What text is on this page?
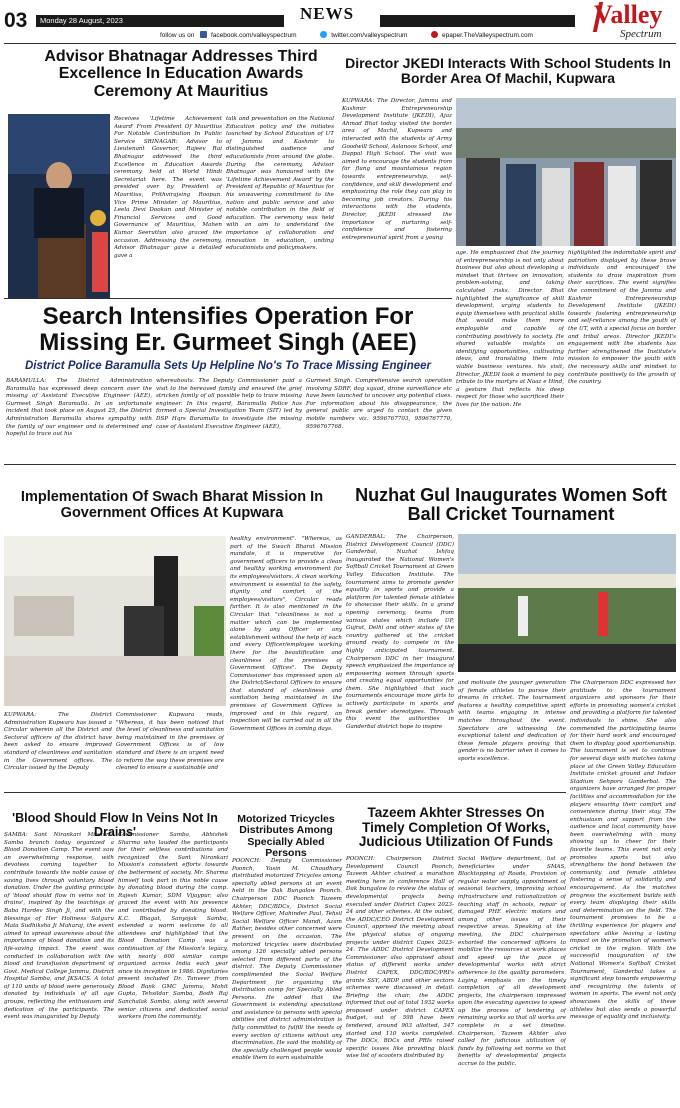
03 Monday 28 August, 2023	NEWS	Valley
Spectrum
follow us on	facebook.com/valleyspectrum	twitter.com/valleyspectrum	epaper.TheValleyspectrum.com
Advisor Bhatnagar Addresses Third Excellence In Education Awards Ceremony At Mauritius
Receives 'Lifetime Achievement Award' From President Of Mauritius For Notable Contribution In Public Service SRINAGAR: Advisor to Lieutenant Governor, Rajeev Rai Bhatnagar addressed the third Excellence in Education Awards ceremony held at World Hindi Secretariat here. The event was presided over by President of Mauritius, Prithvirajsing Roopun. Vice Prime Minister of Mauritius, Leela Devi Dookun and Minister of Financial Services and Good Governance of Mauritius, Mahen Kumar Seeruttun also graced the occasion. Addressing the ceremony, Advisor Bhatnagar gave a detailed gave a
talk and presentation on the National Education policy and the initiates launched by School Education of UT of Jammu and Kashmir to distinguished audience and educationists from around the globe. During the ceremony, Advisor Bhatnagar was honoured with the 'Lifetime Achievement Award' by the President of Republic of Mauritius for his unwavering commitment to the nation and public service and also notable contribution in the field of education. The ceremony was held with an aim to understand the importance of collaboration and innovation in education, uniting educationists and policymakers.
Director JKEDI Interacts With School Students In Border Area Of Machil, Kupwara
KUPWARA: The Director, Jammu and Kashmir Entrepreneurship Development Institute (JKEDI), Ajaz Ahmad Bhat today visited the border area of Machil, Kupwara and interacted with the students of Army Goodwill School, Aslanoos School, and Dappal High School. The visit was aimed to encourage the students from far flung and mountainous region towards entrepreneurship, self-confidence, and skill development and emphasizing the role they can play in becoming job creators. During his interactions with the students, Director, JKEDI stressed the importance of nurturing self-confidence and fostering entrepreneurial spirit from a young
age. He emphasized that the journey of entrepreneurship is not only about business but also about developing a mindset that thrives on innovation, problem-solving, and taking calculated risks. Director Bhat highlighted the significance of skill development, urging students to equip themselves with practical skills that would make them more employable and capable of contributing positively to society. He shared valuable insights on identifying opportunities, cultivating ideas, and translating them into viable business ventures. his visit, Director, JKEDI took a moment to pay tribute to the martyrs at Naaz e Hind, a gesture that reflects his deep respect for those who sacrificed their lives for the nation. He
highlighted the indomitable spirit and patriotism displayed by these brave individuals and encouraged the students to draw inspiration from their sacrifices. The event signifies the commitment of the Jammu and Kashmir Entrepreneurship Development Institute (JKEDI) towards fostering entrepreneurship and self-reliance among the youth of the UT, with a special focus on border and tribal areas. Director JKEDI's engagement with the students has further strengthened the Institute's mission to empower the youth with the necessary skills and mindset to contribute positively to the growth of the country.
Search Intensifies Operation For Missing Er. Gurmeet Singh (AEE)
District Police Baramulla Sets Up Helpline No's To Trace Missing Engineer
BARAMULLA: The District Administration Baramulla has expressed deep concern over the missing of Assistant Executive Engineer (AEE), Gurmeet Singh Baramulla. In an unfortunate incident that took place on August 25, the District Administration Baramulla shares sympathy with the family of our engineer and is determined and hopeful to trace out his
whereabouts. The Deputy Commissioner paid a visit to the bereaved family and ensured the grief stricken family of all possible help to trace missing engineer. In this regard, Baramulla Police has formed a Special Investigation Team (SIT) led by DSP Hqrs Baramulla to investigate the missing case of Assistant Executive Engineer (AEE),
Gurmeet Singh. Comprehensive search operation involving SDRF, dog squad, drone surveillance etc have been launched to uncover any potential clues. For information about his disappearance, the general public are urged to contact the given mobile numbers viz. 9596767703, 9596767770, 9596767768.
Implementation Of Swach Bharat Mission In Government Offices At Kupwara
KUPWARA: The District Administration Kupwara has issued a Circular wherein all the District and Sectoral officers of the district have been asked to ensure improved standard of cleanliness and sanitation in the Government offices. The Circular issued by the Deputy
Commissioner Kupwara reads, "Whereas, it has been noticed that the level of cleanliness and sanitation being maintained in the premises of Government Offices is of low standard and there is an urgent need to reform the way these premises are cleaned to ensure a sustainable and
healthy environment". "Whereas, as part of the Swach Bharat Mission mandate, it is imperative for government officers to provide a clean and healthy working environment for its employees/visitors. A clean working environment is essential to the safety, dignity and comfort of the employees/visitors", Circular reads further. It is also mentioned in the Circular that "cleanliness is not a matter which can be implemented alone by any Officer or any establishment without the help of each and every Officer/employee working there for the beautification and cleanliness of the premises of Government Offices". The Deputy Commissioner has impressed upon all the District/Sectoral Officers to ensure that standard of cleanliness and sanitation being maintained in the premises of Government Offices is improved and in this regard, an inspection will be carried out in all the Government Offices in coming days.
Nuzhat Gul Inaugurates Women Soft Ball Cricket Tournament
GANDERBAL: The Chairperson, District Development Council (DDC) Ganderbal, Nuzhat Ishfaq inaugurated the National Women's Softball Cricket Tournament at Green Valley Education Institute. The tournament aims to promote gender equality in sports and provide a platform for talented female athletes to showcase their skills. In a grand opening ceremony, teams from various states which include UP, Gujrat, Delhi and other states of the country gathered at the cricket ground ready to compete in the highly anticipated tournament. Chairperson DDC in her inaugural speech emphasized the importance of empowering women through sports and creating equal opportunities for them. She highlighted that such tournaments encourage more girls to actively participate in sports and break gender stereotypes. Through this event the authorities in Ganderbal district hope to inspire
and motivate the younger generation of female athletes to pursue their dreams in cricket. The tournament features a healthy competitive spirit with teams engaging in intense matches throughout the event. Spectators are witnessing the exceptional talent and dedication of these female players proving that gender is no barrier when it comes to sports excellence.
The Chairperson DDC expressed her gratitude to the tournament organizers and sponsors for their efforts in promoting women's cricket and providing a platform for talented individuals to shine. She also commended the participating teams for their hard work and encouraged them to display good sportsmanship. The tournament is set to continue for several days with matches taking place at the Green Valley Education Institute cricket ground and Indoor Stadium Sehpora Ganderbal. The organizers have arranged for proper facilities and accommodation for the players ensuring their comfort and convenience during their stay. The enthusiasm and support from the audience and local community have been overwhelming with many showing up to cheer for their favorite teams. This event not only promotes sports but also strengthens the bond between the community and female athletes fostering a sense of solidarity and encouragement. As the matches progress the excitement builds with every team displaying their skills and determination on the field. The tournament promises to be a thrilling experience for players and spectators alike leaving a lasting impact on the promotion of women's cricket in the region. With the successful inauguration of the National Women's Softball Cricket Tournament, Ganderbal takes a significant step towards empowering and recognizing the talents of women in sports. The event not only showcases the skills of these athletes but also sends a powerful message of equality and inclusivity.
'Blood Should Flow In Veins Not In Drains'
SAMBA: Sant Nirankari Mission's Samba branch today organized a Blood Donation Camp. The event saw an overwhelming response, with devotees coming together to contribute towards the noble cause of saving lives through voluntary blood donation. Under the guiding principle of 'blood should flow in veins not in drains', inspired by the teachings of Baba Hardev Singh Ji, and with the blessings of Her Holiness Satguru Mata Sudhiksha Ji Maharaj, the event aimed to spread awareness about the importance of blood donation and its life-saving impact. The event was conducted in collaboration with the blood and transfusion department of Govt. Medical College Jammu, District Hospital Samba, and JKSACS. A total of 110 units of blood were generously donated by individuals of all age groups, reflecting the enthusiasm and dedication of the participants. The event was inaugurated by Deputy
Commissioner Samba, Abhishek Sharma who lauded the participants for their selfless contributions and recognized the Sant Nirankari Mission's consistent efforts towards the betterment of society. Mr. Sharma himself took part in this noble cause by donating blood during the camp. Rajesh Kumar, SDM Vijaypur, also graced the event with his presence and contributed by donating blood. K.C. Bhagat, Sanyojak Samba, extended a warm welcome to all attendees and highlighted that the Blood Donation Camp was a continuation of the Mission's legacy, with nearly 600 similar camps organized across India each year since its inception in 1986. Dignitaries present included Dr. Tanveer from Blood Bank GMC Jammu, Mohit Gupta, Tehsildar Samba, Bodh Raj Sanchalak Samba, along with several senior citizens and dedicated social workers from the community.
Motorized Tricycles Distributes Among Specially Abled Persons
POONCH: Deputy Commissioner Poonch, Yasin M. Choudhary distributed motorized Tricycles among specially abled persons at an event held in the Dak Bungalow Poonch. Chairperson DDC Poonch Tazeem Akhter, DDC/BDCs, District Social Welfare Officer, Mahinder Paul, Tehsil Social Welfare Officer Mandi, Azam Rather, besides other concerned were present on the occasion. The motorized tricycles were distributed among 126 specially abled persons selected from different parts of the district. The Deputy Commissioner complimented the Social Welfare Department for organizing the distribution camp for Specially Abled Persons. He added that the Government is extending specialized and assistance to persons with special abilities and district administration is fully committed to fulfill the needs of every section of citizens without any discrimination. He said the mobility of the specially challenged people would enable them to earn sustainable
Tazeem Akhter Stresses On Timely Completion Of Works, Judicious Utilization Of Funds
POONCH: Chairperson District Development Council Poonch, Tazeem Akhter chaired a marathon meeting here in conference Hall of Dak bungalow to review the status of developmental projects being executed under District Capex 2023-24 and other schemes. At the outset, the ADDC/CEO District Development Council, apprised the meeting about the physical status of ongoing projects under district Capex 2023-24. The ADDC District Development Commissioner also appraised about status of different works under District CAPEX, DDC/BDC/PRI's grants SSY, ABDP and other sectors schemes were discussed in detail. Briefing the chair, the ADDC informed that out of total 1932 works proposed under district CAPEX budget, out of 598 have been tendered, around 903 allotted, 347 started and 110 works completed. The DDCs, BDCs and PRIs raised specific issues like providing black wise list of scooters distributed by
Social Welfare department, list of beneficiaries under SMAS, Blacktopping of Roads, Provision of regular water supply, appointment of seasonal teachers, improving school infrastructure and rationalization of teaching staff in schools, repair of damaged PHE electric motors and among other issues of their respective areas. Speaking at the meeting, the DDC chairperson exhorted the concerned officers to mobilize the resources at work places and speed up the pace of developmental works with strict adherence to the quality parameters. Laying emphasis on the timely completion of all development projects, the chairperson impressed upon the executing agencies to speed up the process of tendering of remaining works so that all works are complete in a set timeline. Chairperson, Tazeem Akhter also called for judicious utilization of funds by following set norms so that benefits of developmental projects accrue to the public.
